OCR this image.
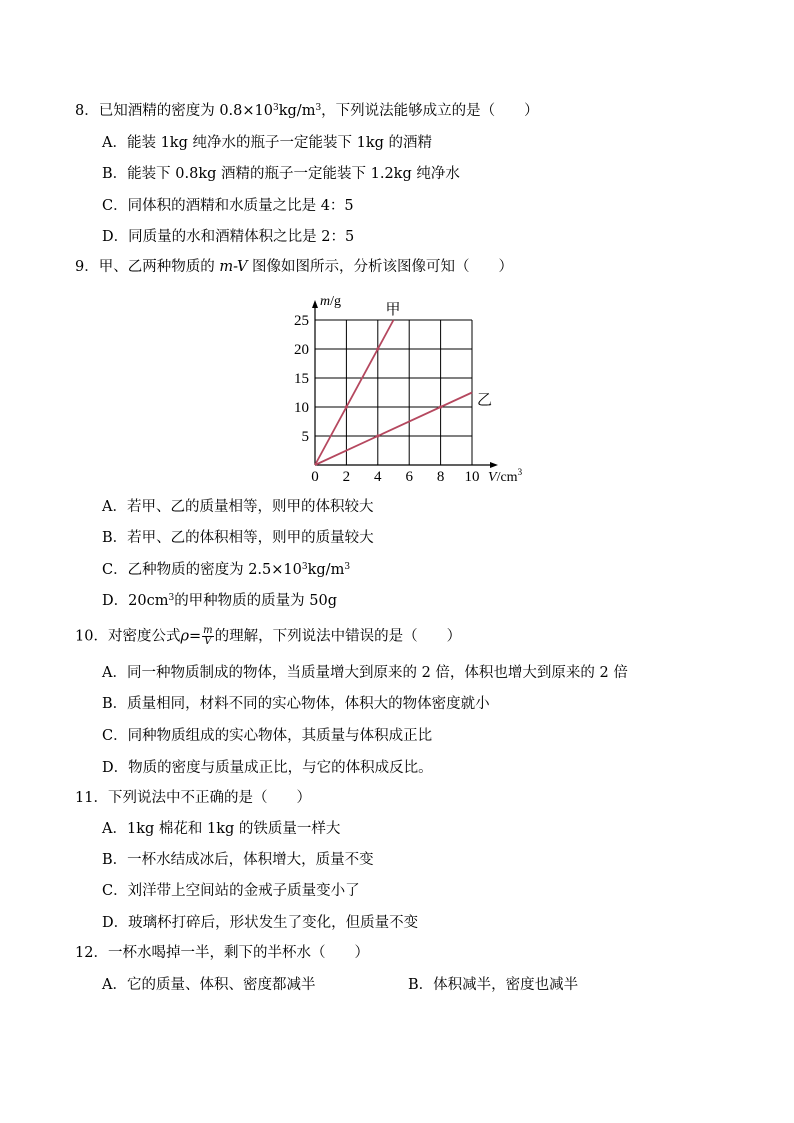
8．已知酒精的密度为 $0.8\times 10^3kg/m^3$，下列说法能够成立的是（　　）
A．能装 1kg 纯净水的瓶子一定能装下 1kg 的酒精
B．能装下 0.8kg 酒精的瓶子一定能装下 1.2kg 纯净水
C．同体积的酒精和水质量之比是 4：5
D．同质量的水和酒精体积之比是 2：5
9．甲、乙两种物质的 m-V 图像如图所示，分析该图像可知（　　）
0 2 4 6 8 10
5
10
15
20
25
m/g
$V/cm^3$
甲
乙
A．若甲、乙的质量相等，则甲的体积较大
B．若甲、乙的体积相等，则甲的质量较大
C．乙种物质的密度为 $2.5\times 10^3kg/m^3$
D．$20cm^3$的甲种物质的质量为 50g
10．对密度公式$\rho= \frac{m}{V}$ 的理解，下列说法中错误的是（　　）
A．同一种物质制成的物体，当质量增大到原来的 2 倍，体积也增大到原来的 2 倍
B．质量相同，材料不同的实心物体，体积大的物体密度就小
C．同种物质组成的实心物体，其质量与体积成正比
D．物质的密度与质量成正比，与它的体积成反比。
11．下列说法中不正确的是（　　）
A．1kg 棉花和 1kg 的铁质量一样大
B．一杯水结成冰后，体积增大，质量不变
C．刘洋带上空间站的金戒子质量变小了
D．玻璃杯打碎后，形状发生了变化，但质量不变
12．一杯水喝掉一半，剩下的半杯水（　　）
A．它的质量、体积、密度都减半	B．体积减半，密度也减半
